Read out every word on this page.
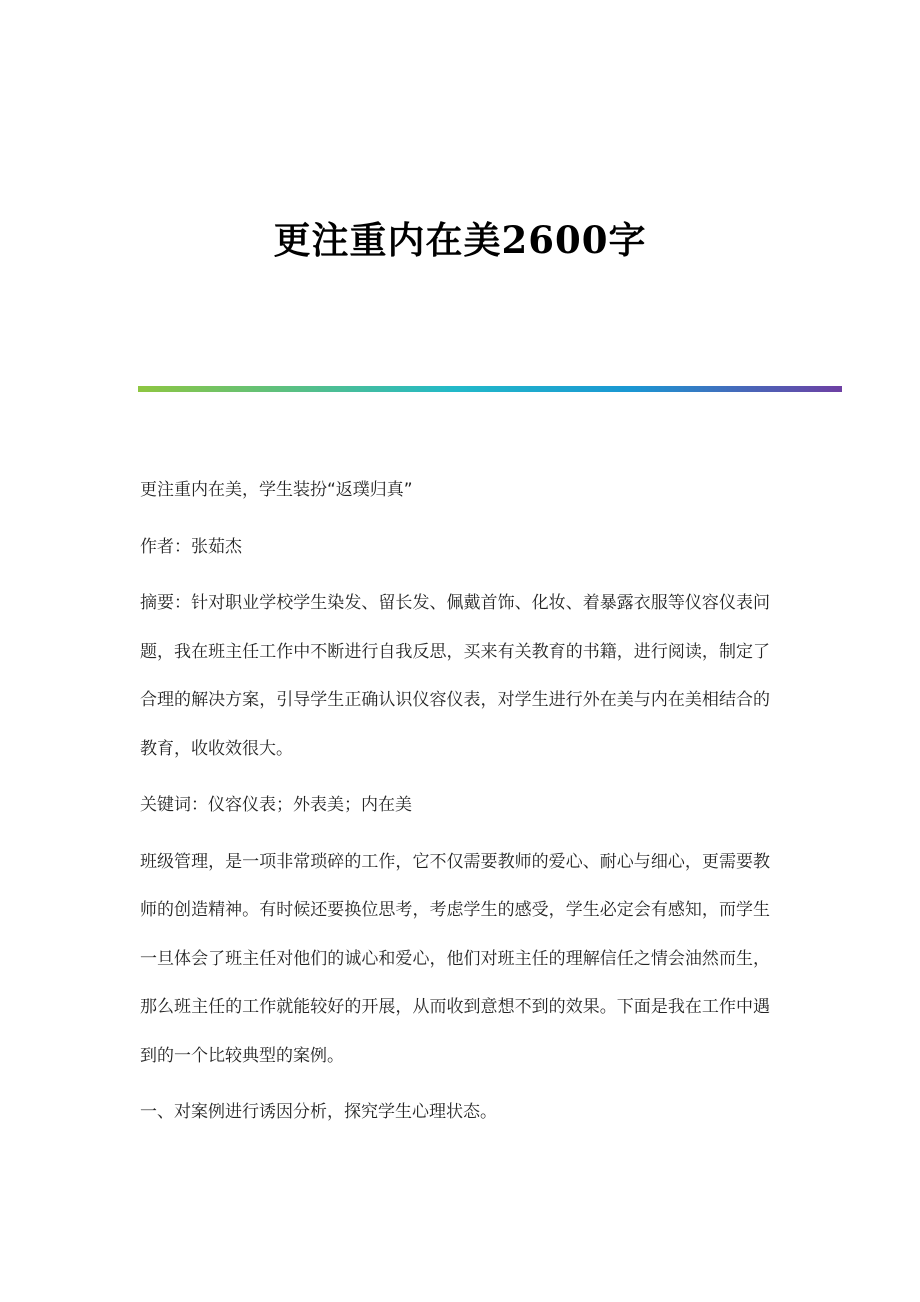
更注重内在美2600字

更注重内在美，学生装扮“返璞归真”

作者：张茹杰

摘要：针对职业学校学生染发、留长发、佩戴首饰、化妆、着暴露衣服等仪容仪表问题，我在班主任工作中不断进行自我反思，买来有关教育的书籍，进行阅读，制定了合理的解决方案，引导学生正确认识仪容仪表，对学生进行外在美与内在美相结合的教育，收收效很大。

关键词：仪容仪表；外表美；内在美

班级管理，是一项非常琐碎的工作，它不仅需要教师的爱心、耐心与细心，更需要教师的创造精神。有时候还要换位思考，考虑学生的感受，学生必定会有感知，而学生一旦体会了班主任对他们的诚心和爱心，他们对班主任的理解信任之情会油然而生，那么班主任的工作就能较好的开展，从而收到意想不到的效果。下面是我在工作中遇到的一个比较典型的案例。

一、对案例进行诱因分析，探究学生心理状态。
